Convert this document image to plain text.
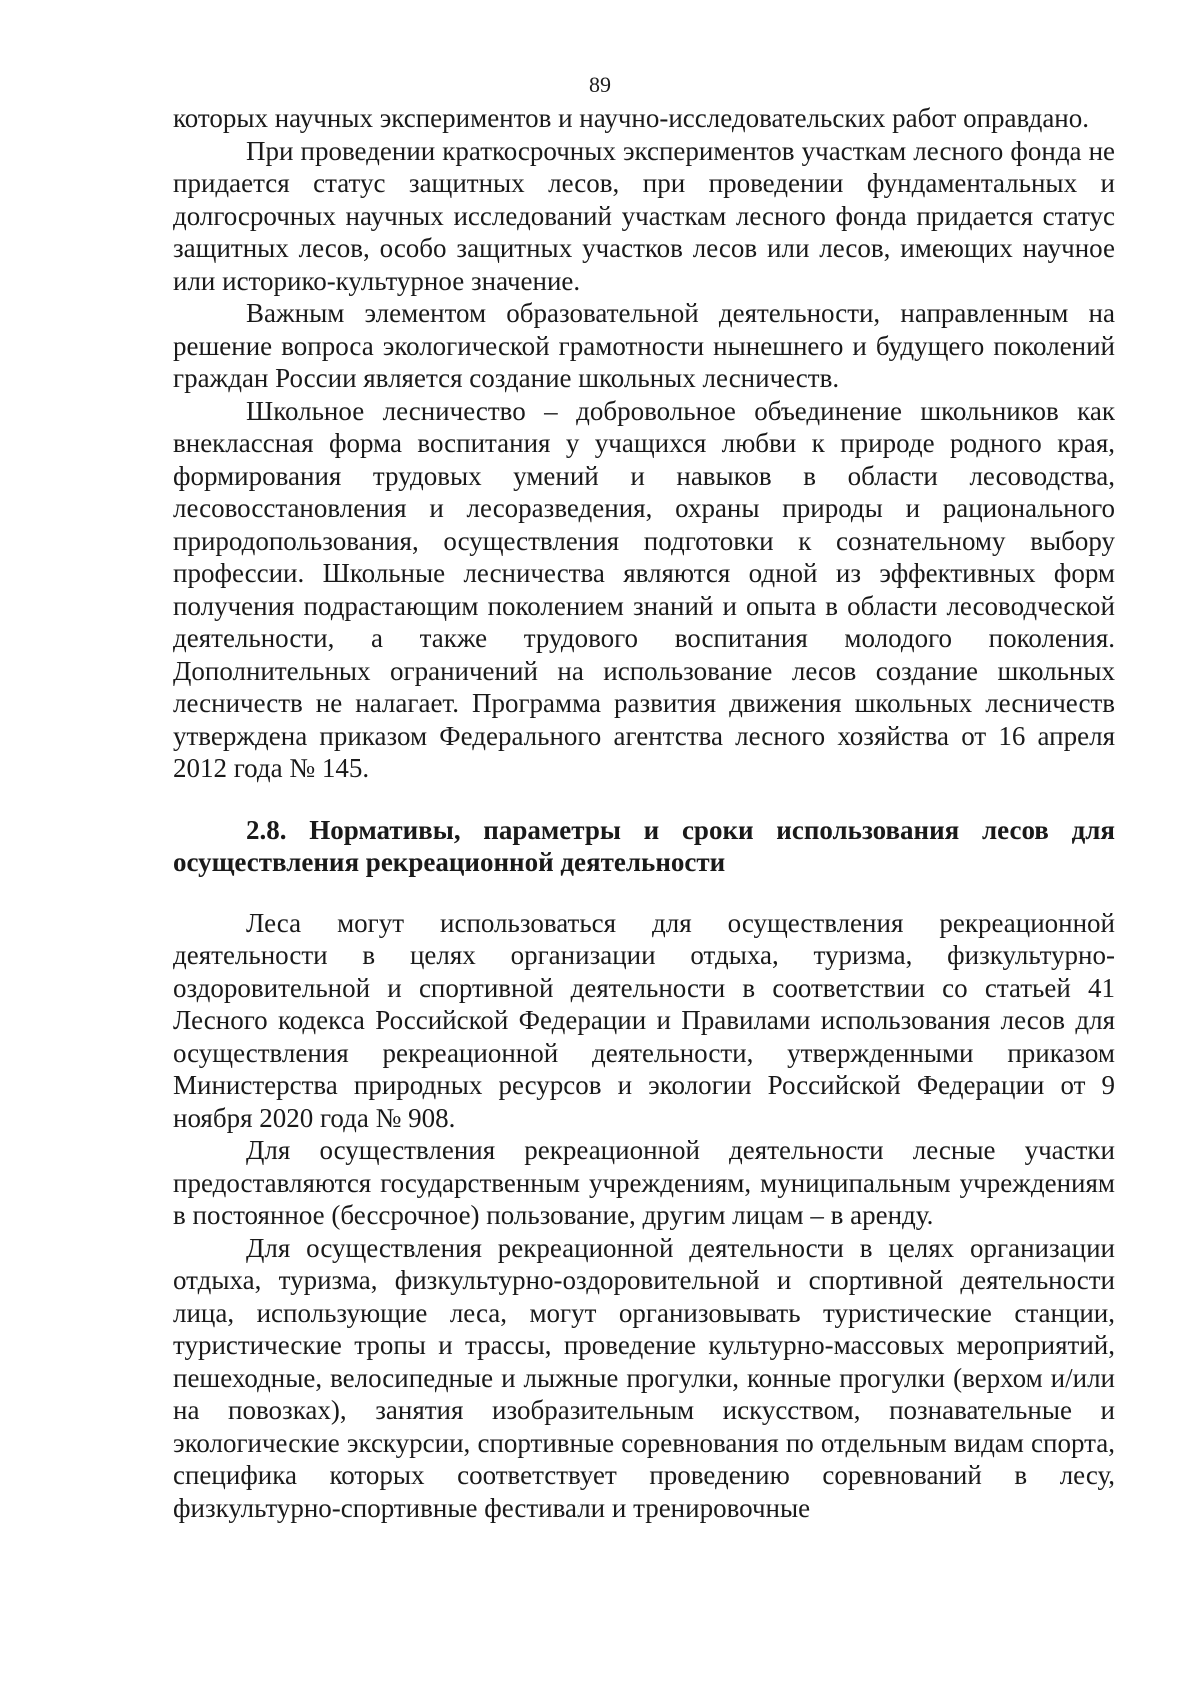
89

которых научных экспериментов и научно-исследовательских работ оправдано.

При проведении краткосрочных экспериментов участкам лесного фонда не придается статус защитных лесов, при проведении фундаментальных и долгосрочных научных исследований участкам лесного фонда придается статус защитных лесов, особо защитных участков лесов или лесов, имеющих научное или историко-культурное значение.

Важным элементом образовательной деятельности, направленным на решение вопроса экологической грамотности нынешнего и будущего поколений граждан России является создание школьных лесничеств.

Школьное лесничество – добровольное объединение школьников как внеклассная форма воспитания у учащихся любви к природе родного края, формирования трудовых умений и навыков в области лесоводства, лесовосстановления и лесоразведения, охраны природы и рационального природопользования, осуществления подготовки к сознательному выбору профессии. Школьные лесничества являются одной из эффективных форм получения подрастающим поколением знаний и опыта в области лесоводческой деятельности, а также трудового воспитания молодого поколения. Дополнительных ограничений на использование лесов создание школьных лесничеств не налагает. Программа развития движения школьных лесничеств утверждена приказом Федерального агентства лесного хозяйства от 16 апреля 2012 года № 145.

2.8. Нормативы, параметры и сроки использования лесов для осуществления рекреационной деятельности

Леса могут использоваться для осуществления рекреационной деятельности в целях организации отдыха, туризма, физкультурно-оздоровительной и спортивной деятельности в соответствии со статьей 41 Лесного кодекса Российской Федерации и Правилами использования лесов для осуществления рекреационной деятельности, утвержденными приказом Министерства природных ресурсов и экологии Российской Федерации от 9 ноября 2020 года № 908.

Для осуществления рекреационной деятельности лесные участки предоставляются государственным учреждениям, муниципальным учреждениям в постоянное (бессрочное) пользование, другим лицам – в аренду.

Для осуществления рекреационной деятельности в целях организации отдыха, туризма, физкультурно-оздоровительной и спортивной деятельности лица, использующие леса, могут организовывать туристические станции, туристические тропы и трассы, проведение культурно-массовых мероприятий, пешеходные, велосипедные и лыжные прогулки, конные прогулки (верхом и/или на повозках), занятия изобразительным искусством, познавательные и экологические экскурсии, спортивные соревнования по отдельным видам спорта, специфика которых соответствует проведению соревнований в лесу, физкультурно-спортивные фестивали и тренировочные
